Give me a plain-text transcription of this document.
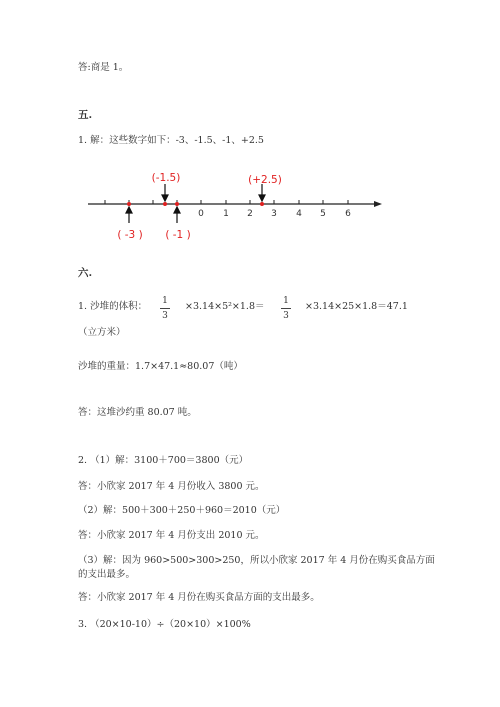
答:商是 1。
五.
1. 解：这些数字如下：-3、-1.5、-1、+2.5
0 1 2 3 4 5 6
(-1.5)	(+2.5)
( -3 ) ( -1 )
六.
1. 沙堆的体积： 1
3
×3.14×5²×1.8＝ 1
3
×3.14×25×1.8＝47.1
（立方米）
沙堆的重量：1.7×47.1≈80.07（吨）
答：这堆沙约重 80.07 吨。
2. （1）解：3100＋700＝3800（元）
答：小欣家 2017 年 4 月份收入 3800 元。
（2）解：500＋300＋250＋960＝2010（元）
答：小欣家 2017 年 4 月份支出 2010 元。
（3）解：因为 960>500>300>250，所以小欣家 2017 年 4 月份在购买食品方面
的支出最多。
答：小欣家 2017 年 4 月份在购买食品方面的支出最多。
3. （20×10-10）÷（20×10）×100%
